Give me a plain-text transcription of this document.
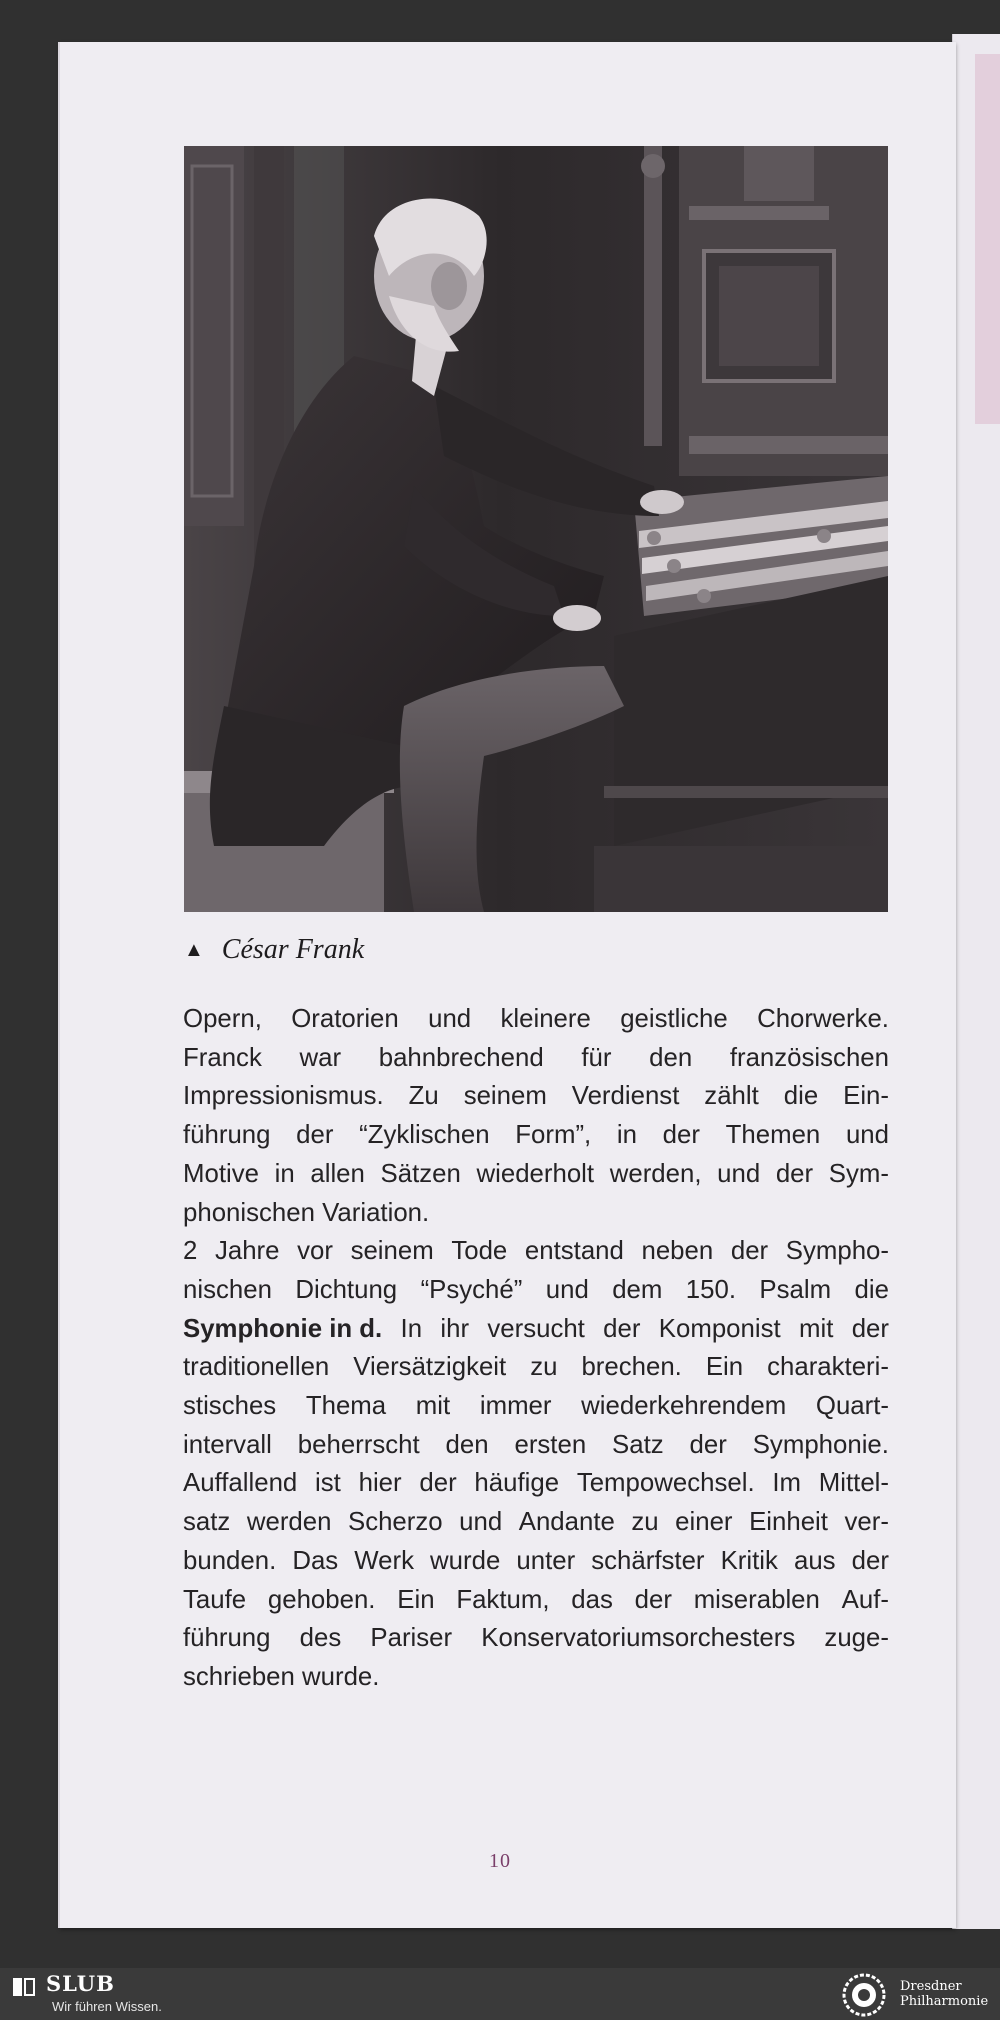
▲ César Frank
Opern, Oratorien und kleinere geistliche Chorwerke.
Franck war bahnbrechend für den französischen
Impressionismus. Zu seinem Verdienst zählt die Ein-
führung der “Zyklischen Form”, in der Themen und
Motive in allen Sätzen wiederholt werden, und der Sym-
phonischen Variation.
2 Jahre vor seinem Tode entstand neben der Sympho-
nischen Dichtung “Psyché” und dem 150. Psalm die
Symphonie in d. In ihr versucht der Komponist mit der
traditionellen Viersätzigkeit zu brechen. Ein charakteri-
stisches Thema mit immer wiederkehrendem Quart-
intervall beherrscht den ersten Satz der Symphonie.
Auffallend ist hier der häufige Tempowechsel. Im Mittel-
satz werden Scherzo und Andante zu einer Einheit ver-
bunden. Das Werk wurde unter schärfster Kritik aus der
Taufe gehoben. Ein Faktum, das der miserablen Auf-
führung des Pariser Konservatoriumsorchesters zuge-
schrieben wurde.
10
SLUB
Wir führen Wissen.
Dresdner
Philharmonie
